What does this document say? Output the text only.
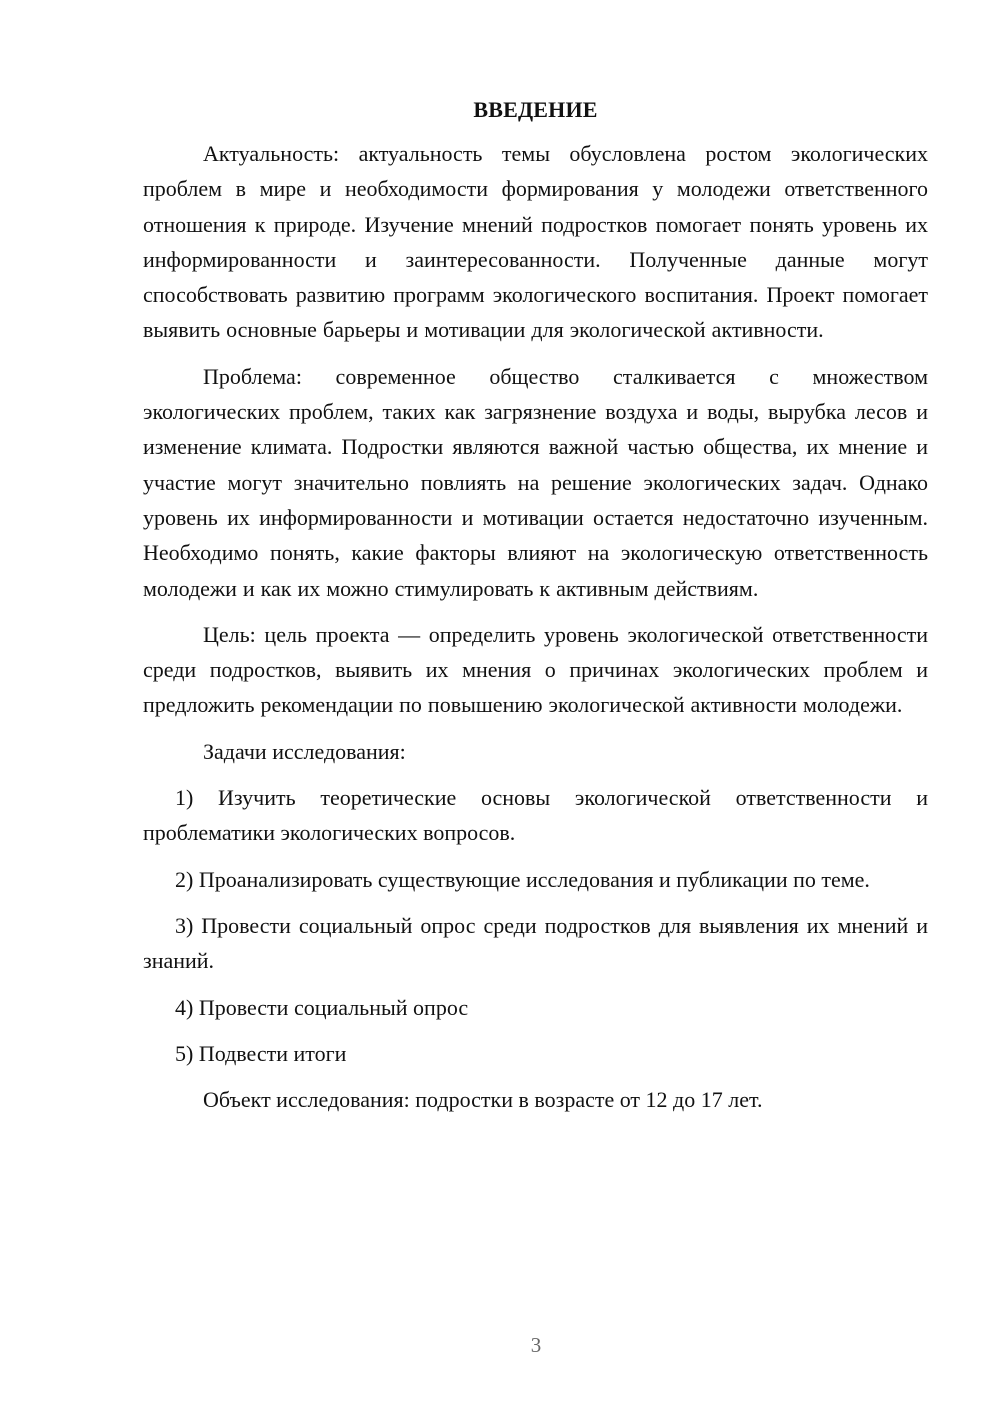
ВВЕДЕНИЕ

Актуальность: актуальность темы обусловлена ростом экологических проблем в мире и необходимости формирования у молодежи ответственного отношения к природе. Изучение мнений подростков помогает понять уровень их информированности и заинтересованности. Полученные данные могут способствовать развитию программ экологического воспитания. Проект помогает выявить основные барьеры и мотивации для экологической активности.

Проблема: современное общество сталкивается с множеством экологических проблем, таких как загрязнение воздуха и воды, вырубка лесов и изменение климата. Подростки являются важной частью общества, их мнение и участие могут значительно повлиять на решение экологических задач. Однако уровень их информированности и мотивации остается недостаточно изученным. Необходимо понять, какие факторы влияют на экологическую ответственность молодежи и как их можно стимулировать к активным действиям.

Цель: цель проекта — определить уровень экологической ответственности среди подростков, выявить их мнения о причинах экологических проблем и предложить рекомендации по повышению экологической активности молодежи.

Задачи исследования:

1) Изучить теоретические основы экологической ответственности и проблематики экологических вопросов.

2) Проанализировать существующие исследования и публикации по теме.

3) Провести социальный опрос среди подростков для выявления их мнений и знаний.

4) Провести социальный опрос

5) Подвести итоги

Объект исследования: подростки в возрасте от 12 до 17 лет.

3
